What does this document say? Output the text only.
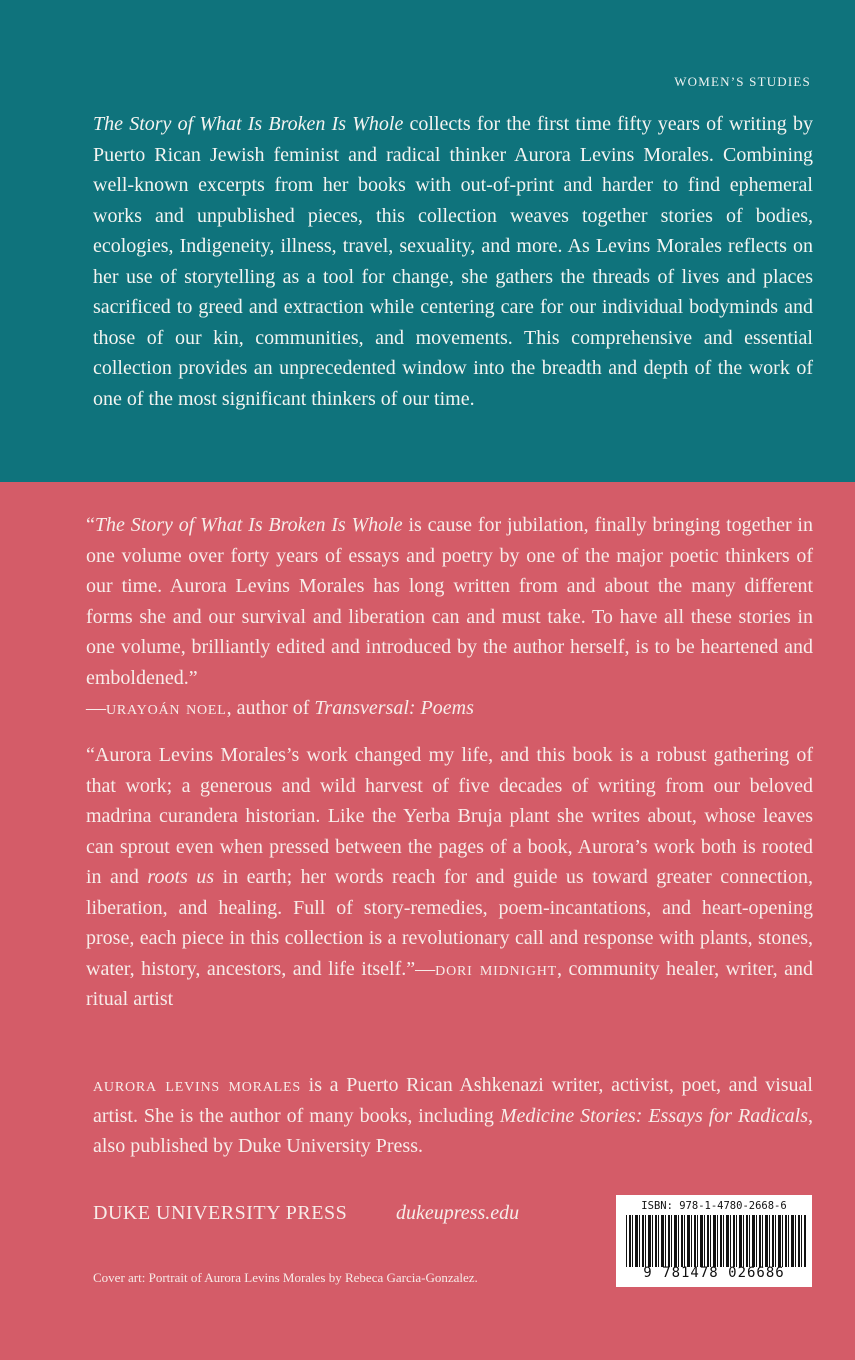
WOMEN’S STUDIES

The Story of What Is Broken Is Whole collects for the first time fifty years of writing by Puerto Rican Jewish feminist and radical thinker Aurora Levins Morales. Combining well-known excerpts from her books with out-of-print and harder to find ephemeral works and unpublished pieces, this collection weaves together stories of bodies, ecologies, Indigeneity, illness, travel, sexuality, and more. As Levins Morales reflects on her use of storytelling as a tool for change, she gathers the threads of lives and places sacrificed to greed and extraction while centering care for our individual bodyminds and those of our kin, communities, and movements. This comprehensive and essential collection provides an unprecedented window into the breadth and depth of the work of one of the most significant thinkers of our time.

“The Story of What Is Broken Is Whole is cause for jubilation, finally bringing together in one volume over forty years of essays and poetry by one of the major poetic thinkers of our time. Aurora Levins Morales has long written from and about the many different forms she and our survival and liberation can and must take. To have all these stories in one volume, brilliantly edited and introduced by the author herself, is to be heartened and emboldened.”
—urayoán noel, author of Transversal: Poems

“Aurora Levins Morales’s work changed my life, and this book is a robust gathering of that work; a generous and wild harvest of five decades of writing from our beloved madrina curandera historian. Like the Yerba Bruja plant she writes about, whose leaves can sprout even when pressed between the pages of a book, Aurora’s work both is rooted in and roots us in earth; her words reach for and guide us toward greater connection, liberation, and healing. Full of story-remedies, poem-incantations, and heart-opening prose, each piece in this collection is a revolutionary call and response with plants, stones, water, history, ancestors, and life itself.”—dori midnight, community healer, writer, and ritual artist

aurora levins morales is a Puerto Rican Ashkenazi writer, activist, poet, and visual artist. She is the author of many books, including Medicine Stories: Essays for Radicals, also published by Duke University Press.

DUKE UNIVERSITY PRESS dukeupress.edu
Cover art: Portrait of Aurora Levins Morales by Rebeca Garcia-Gonzalez.
ISBN: 978-1-4780-2668-6
9 781478 026686
